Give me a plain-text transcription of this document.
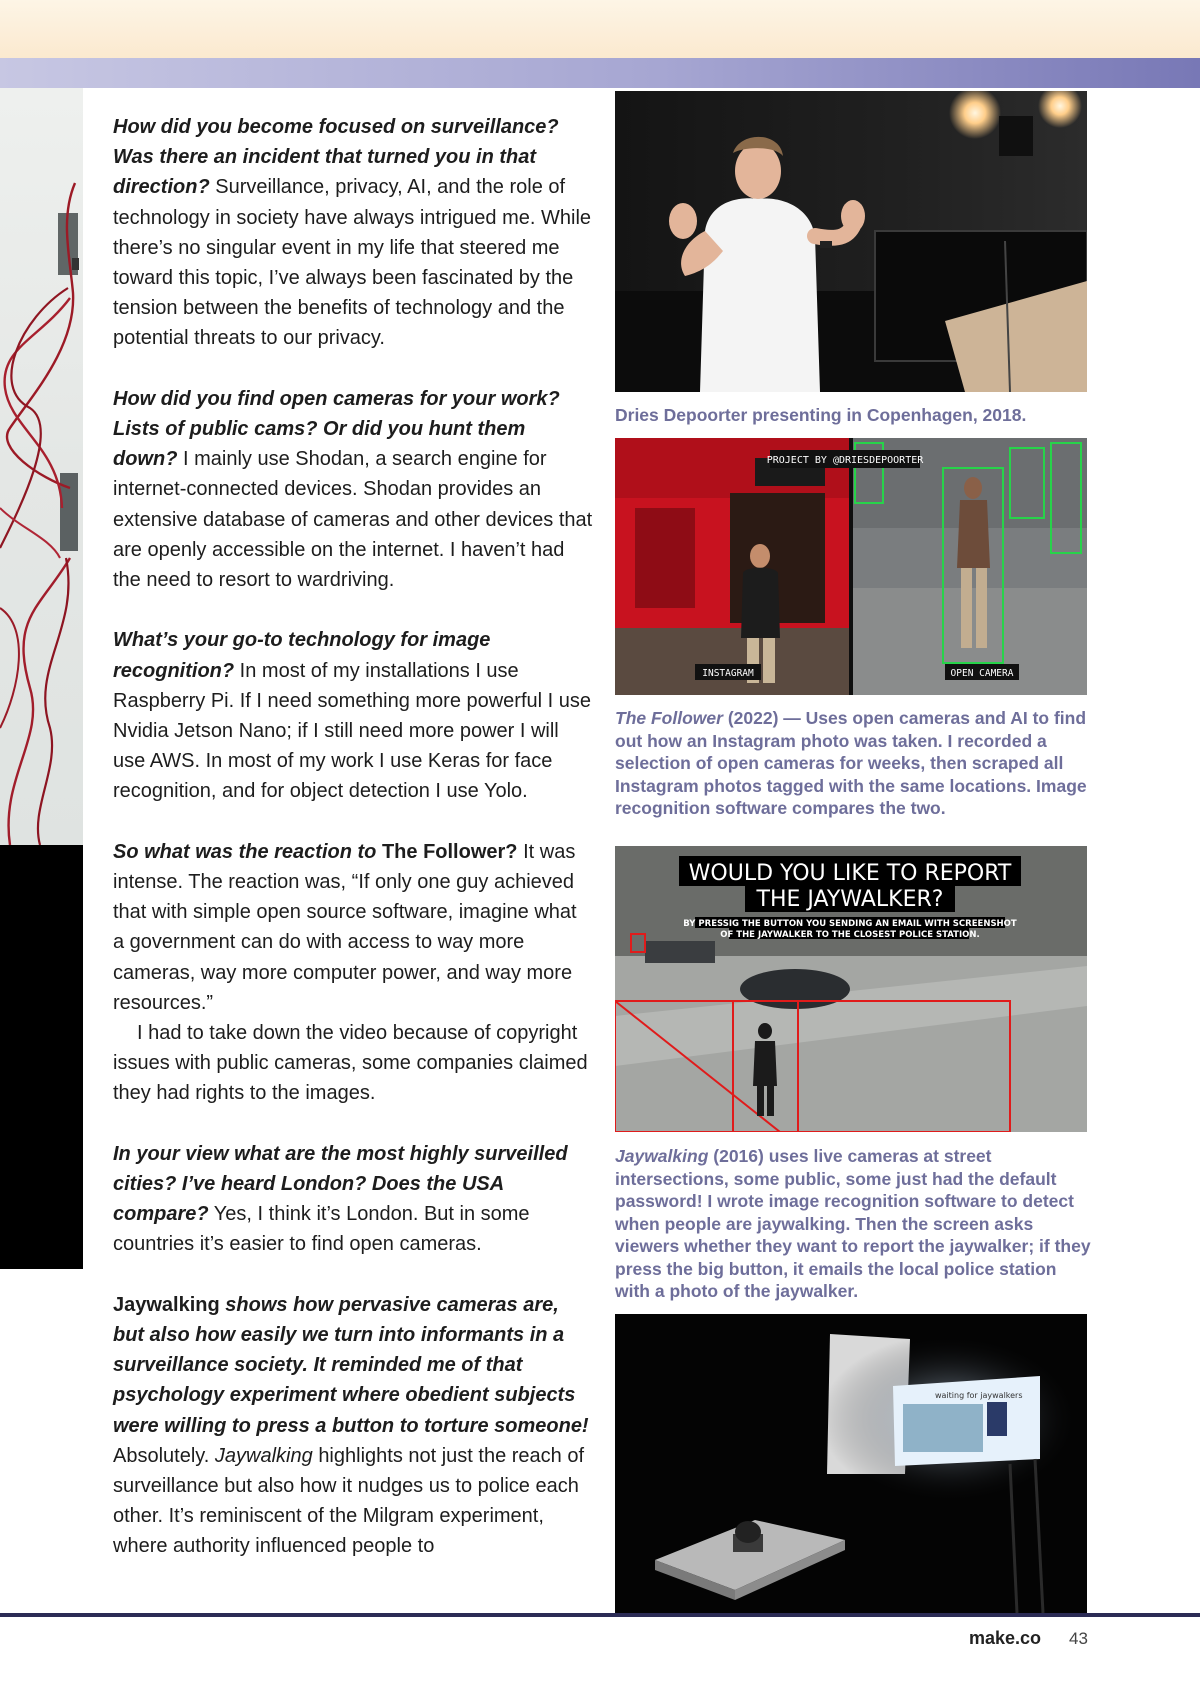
How did you become focused on surveillance? Was there an incident that turned you in that direction? Surveillance, privacy, AI, and the role of technology in society have always intrigued me. While there’s no singular event in my life that steered me toward this topic, I’ve always been fascinated by the tension between the benefits of technology and the potential threats to our privacy.

How did you find open cameras for your work? Lists of public cams? Or did you hunt them down? I mainly use Shodan, a search engine for internet-connected devices. Shodan provides an extensive database of cameras and other devices that are openly accessible on the internet. I haven’t had the need to resort to wardriving.

What’s your go-to technology for image recognition? In most of my installations I use Raspberry Pi. If I need something more powerful I use Nvidia Jetson Nano; if I still need more power I will use AWS. In most of my work I use Keras for face recognition, and for object detection I use Yolo.

So what was the reaction to The Follower? It was intense. The reaction was, “If only one guy achieved that with simple open source software, imagine what a government can do with access to way more cameras, way more computer power, and way more resources.”
I had to take down the video because of copyright issues with public cameras, some companies claimed they had rights to the images.

In your view what are the most highly surveilled cities? I’ve heard London? Does the USA compare? Yes, I think it’s London. But in some countries it’s easier to find open cameras.

Jaywalking shows how pervasive cameras are, but also how easily we turn into informants in a surveillance society. It reminded me of that psychology experiment where obedient subjects were willing to press a button to torture someone! Absolutely. Jaywalking highlights not just the reach of surveillance but also how it nudges us to police each other. It’s reminiscent of the Milgram experiment, where authority influenced people to

Dries Depoorter presenting in Copenhagen, 2018.
PROJECT BY @DRIESDEPOORTER
INSTAGRAM	OPEN CAMERA
The Follower (2022) — Uses open cameras and AI to find out how an Instagram photo was taken. I recorded a selection of open cameras for weeks, then scraped all Instagram photos tagged with the same locations. Image recognition software compares the two.
WOULD YOU LIKE TO REPORT
THE JAYWALKER?
BY PRESSIG THE BUTTON YOU SENDING AN EMAIL WITH SCREENSHOT
OF THE JAYWALKER TO THE CLOSEST POLICE STATION.
Jaywalking (2016) uses live cameras at street intersections, some public, some just had the default password! I wrote image recognition software to detect when people are jaywalking. Then the screen asks viewers whether they want to report the jaywalker; if they press the big button, it emails the local police station with a photo of the jaywalker.
waiting for jaywalkers
make.co 43
